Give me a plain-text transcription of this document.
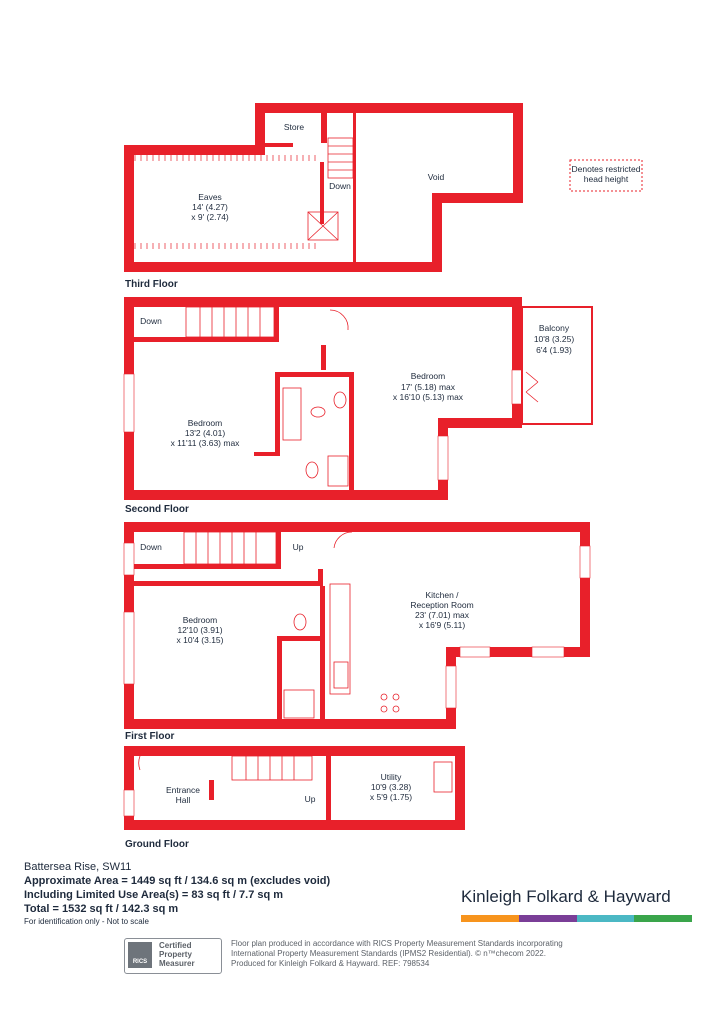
Store
Eaves
14' (4.27)
x 9' (2.74)
Down
Void
Denotes restricted
head height
Down
Balcony
10'8 (3.25)
6'4 (1.93)
Bedroom
17' (5.18) max
x 16'10 (5.13) max
Bedroom
13'2 (4.01)
x 11'11 (3.63) max
Down	Up
Kitchen /
Reception Room
23' (7.01) max
x 16'9 (5.11)
Bedroom
12'10 (3.91)
x 10'4 (3.15)
Entrance
Hall	Up
Utility
10'9 (3.28)
x 5'9 (1.75)
Third Floor
Second Floor
First Floor
Ground Floor
Battersea Rise, SW11
Approximate Area = 1449 sq ft / 134.6 sq m (excludes void)
Including Limited Use Area(s) = 83 sq ft / 7.7 sq m
Total = 1532 sq ft / 142.3 sq m
For identification only - Not to scale
Kinleigh Folkard & Hayward
RICS
Certified
Property
Measurer
Floor plan produced in accordance with RICS Property Measurement Standards incorporating
International Property Measurement Standards (IPMS2 Residential). © n™checom 2022.
Produced for Kinleigh Folkard & Hayward. REF: 798534
